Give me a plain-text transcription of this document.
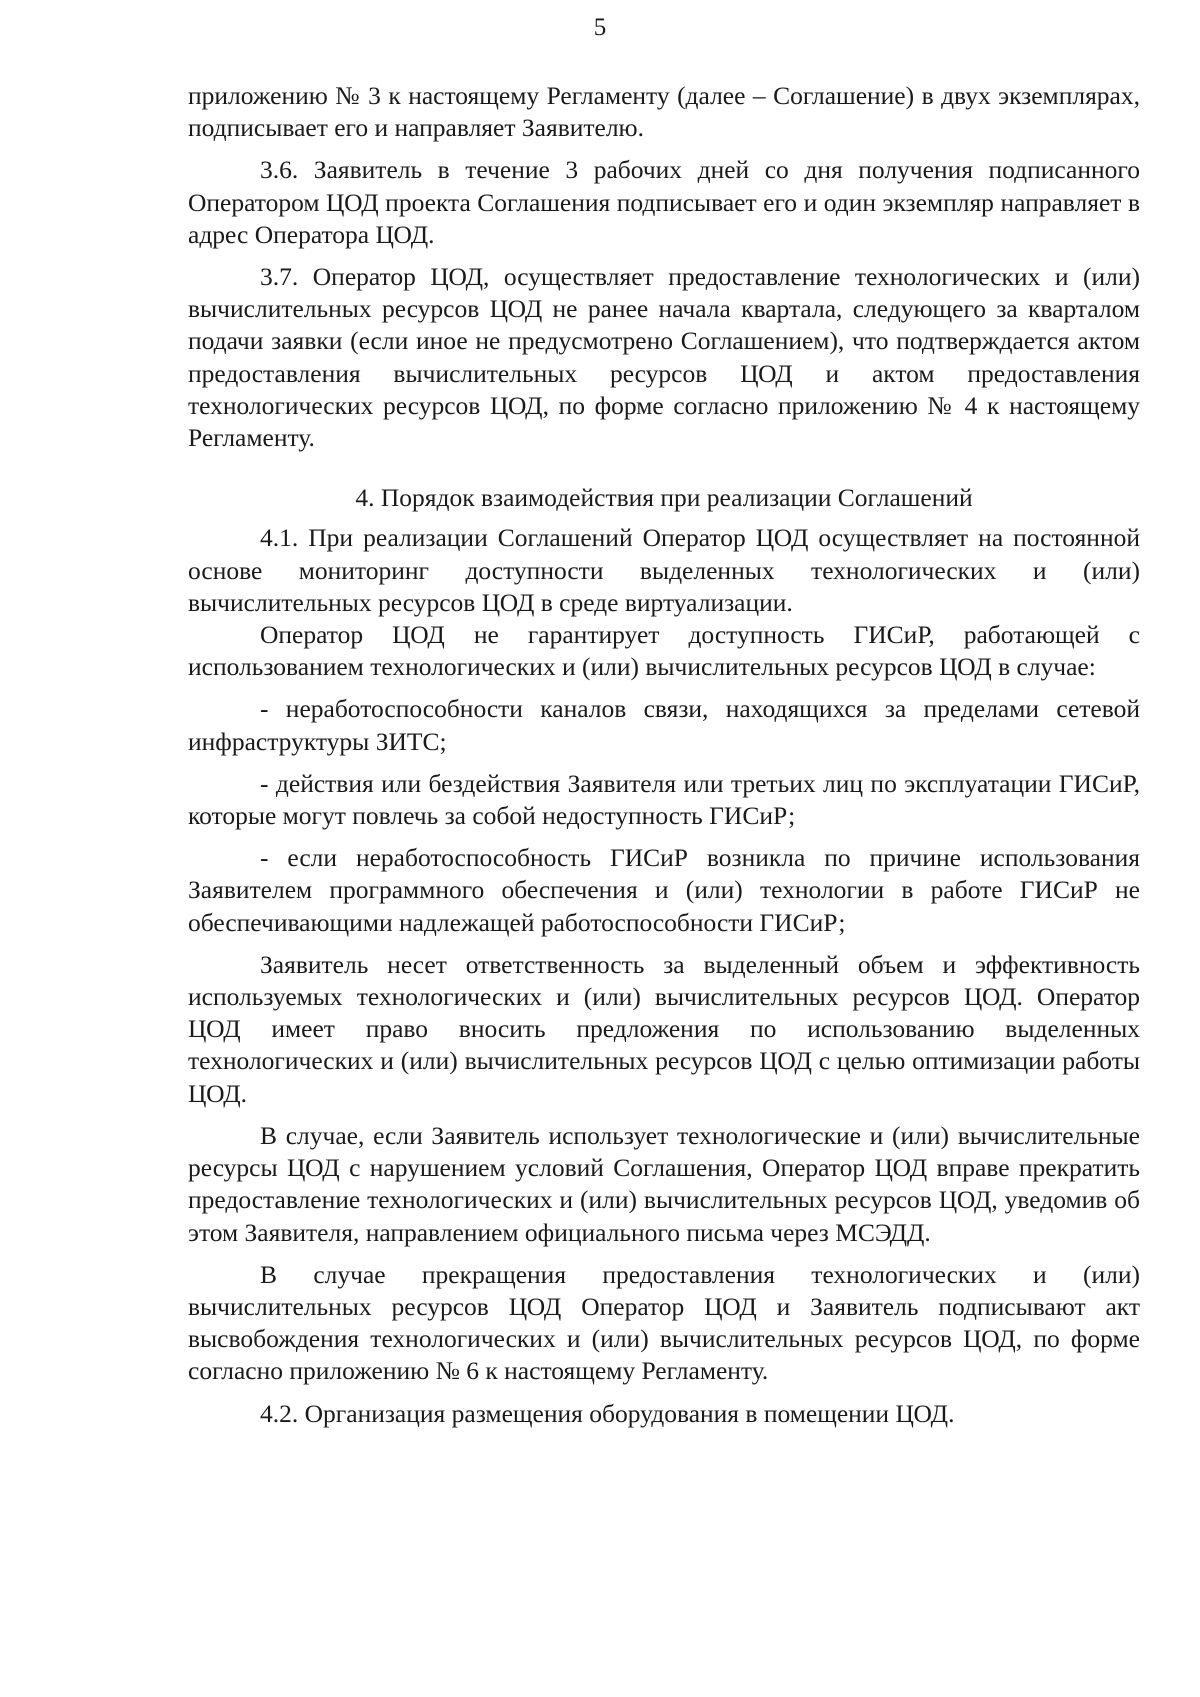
5

приложению № 3 к настоящему Регламенту (далее – Соглашение) в двух экземплярах, подписывает его и направляет Заявителю.

3.6. Заявитель в течение 3 рабочих дней со дня получения подписанного Оператором ЦОД проекта Соглашения подписывает его и один экземпляр направляет в адрес Оператора ЦОД.

3.7. Оператор ЦОД, осуществляет предоставление технологических и (или) вычислительных ресурсов ЦОД не ранее начала квартала, следующего за кварталом подачи заявки (если иное не предусмотрено Соглашением), что подтверждается актом предоставления вычислительных ресурсов ЦОД и актом предоставления технологических ресурсов ЦОД, по форме согласно приложению № 4 к настоящему Регламенту.

4. Порядок взаимодействия при реализации Соглашений

4.1. При реализации Соглашений Оператор ЦОД осуществляет на постоянной основе мониторинг доступности выделенных технологических и (или) вычислительных ресурсов ЦОД в среде виртуализации.

Оператор ЦОД не гарантирует доступность ГИСиР, работающей с использованием технологических и (или) вычислительных ресурсов ЦОД в случае:

- неработоспособности каналов связи, находящихся за пределами сетевой инфраструктуры ЗИТС;

- действия или бездействия Заявителя или третьих лиц по эксплуатации ГИСиР, которые могут повлечь за собой недоступность ГИСиР;

- если неработоспособность ГИСиР возникла по причине использования Заявителем программного обеспечения и (или) технологии в работе ГИСиР не обеспечивающими надлежащей работоспособности ГИСиР;

Заявитель несет ответственность за выделенный объем и эффективность используемых технологических и (или) вычислительных ресурсов ЦОД. Оператор ЦОД имеет право вносить предложения по использованию выделенных технологических и (или) вычислительных ресурсов ЦОД с целью оптимизации работы ЦОД.

В случае, если Заявитель использует технологические и (или) вычислительные ресурсы ЦОД с нарушением условий Соглашения, Оператор ЦОД вправе прекратить предоставление технологических и (или) вычислительных ресурсов ЦОД, уведомив об этом Заявителя, направлением официального письма через МСЭДД.

В случае прекращения предоставления технологических и (или) вычислительных ресурсов ЦОД Оператор ЦОД и Заявитель подписывают акт высвобождения технологических и (или) вычислительных ресурсов ЦОД, по форме согласно приложению № 6 к настоящему Регламенту.

4.2. Организация размещения оборудования в помещении ЦОД.
